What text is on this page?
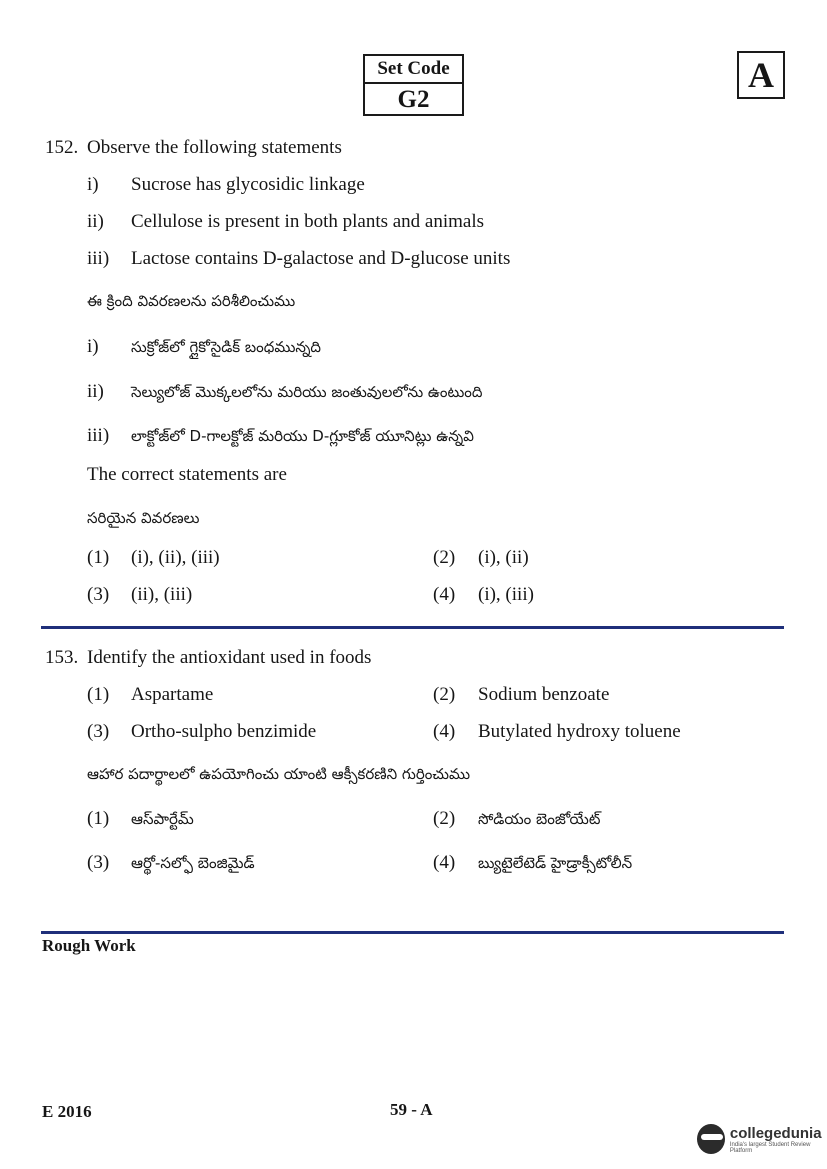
Set Code
G2
A
152. Observe the following statements
i)	Sucrose has glycosidic linkage
ii)	Cellulose is present in both plants and animals
iii)	Lactose contains D-galactose and D-glucose units
ఈ క్రింది వివరణలను పరిశీలించుము
i)	సుక్రోజ్‌లో గ్లైకోసైడిక్ బంధమున్నది
ii)	సెల్యులోజ్ మొక్కలలోను మరియు జంతువులలోను ఉంటుంది
iii)	లాక్టోజ్‌లో D-గాలక్టోజ్ మరియు D-గ్లూకోజ్ యూనిట్లు ఉన్నవి
The correct statements are
సరియైన వివరణలు
(1)	(i), (ii), (iii)	(2)	(i), (ii)
(3)	(ii), (iii)	(4)	(i), (iii)
153. Identify the antioxidant used in foods
(1)	Aspartame	(2)	Sodium benzoate
(3)	Ortho-sulpho benzimide	(4)	Butylated hydroxy toluene
ఆహార పదార్థాలలో ఉపయోగించు యాంటి ఆక్సీకరణిని గుర్తించుము
(1)	ఆస్‌పార్టేమ్	(2)	సోడియం బెంజోయేట్
(3)	ఆర్థో-సల్ఫో బెంజిమైడ్	(4)	బ్యుటైలేటెడ్ హైడ్రాక్సీటోలీన్
Rough Work
E 2016	59 - A
collegedunia
India's largest Student Review Platform
